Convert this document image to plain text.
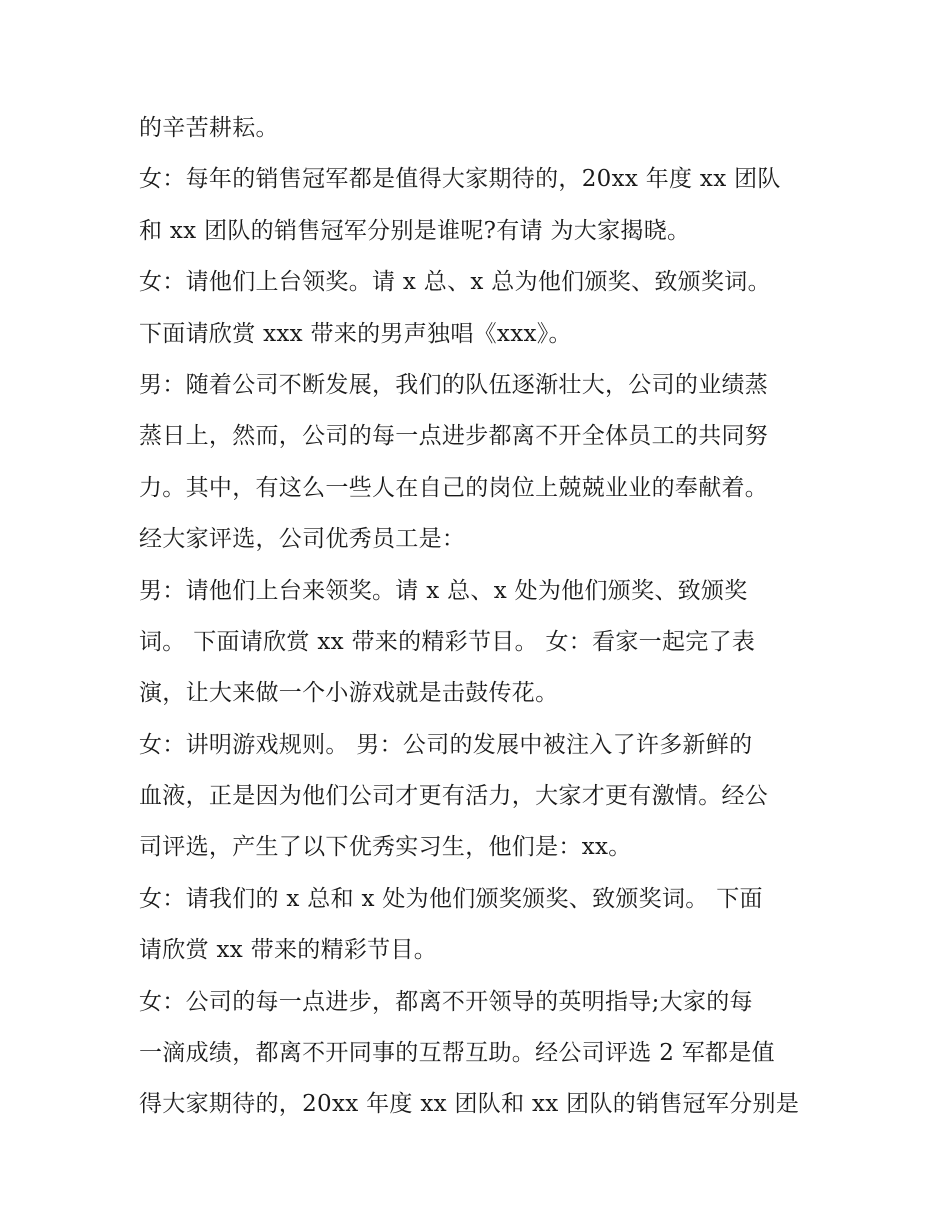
的辛苦耕耘。
女：每年的销售冠军都是值得大家期待的，20xx 年度 xx 团队
和 xx 团队的销售冠军分别是谁呢?有请 为大家揭晓。
女：请他们上台领奖。请 x 总、x 总为他们颁奖、致颁奖词。
下面请欣赏 xxx 带来的男声独唱《xxx》。
男：随着公司不断发展，我们的队伍逐渐壮大，公司的业绩蒸
蒸日上，然而，公司的每一点进步都离不开全体员工的共同努
力。其中，有这么一些人在自己的岗位上兢兢业业的奉献着。
经大家评选，公司优秀员工是：
男：请他们上台来领奖。请 x 总、x 处为他们颁奖、致颁奖
词。 下面请欣赏 xx 带来的精彩节目。 女：看家一起完了表
演，让大来做一个小游戏就是击鼓传花。
女：讲明游戏规则。 男：公司的发展中被注入了许多新鲜的
血液，正是因为他们公司才更有活力，大家才更有激情。经公
司评选，产生了以下优秀实习生，他们是：xx。
女：请我们的 x 总和 x 处为他们颁奖颁奖、致颁奖词。 下面
请欣赏 xx 带来的精彩节目。
女：公司的每一点进步，都离不开领导的英明指导;大家的每
一滴成绩，都离不开同事的互帮互助。经公司评选 2 军都是值
得大家期待的，20xx 年度 xx 团队和 xx 团队的销售冠军分别是
